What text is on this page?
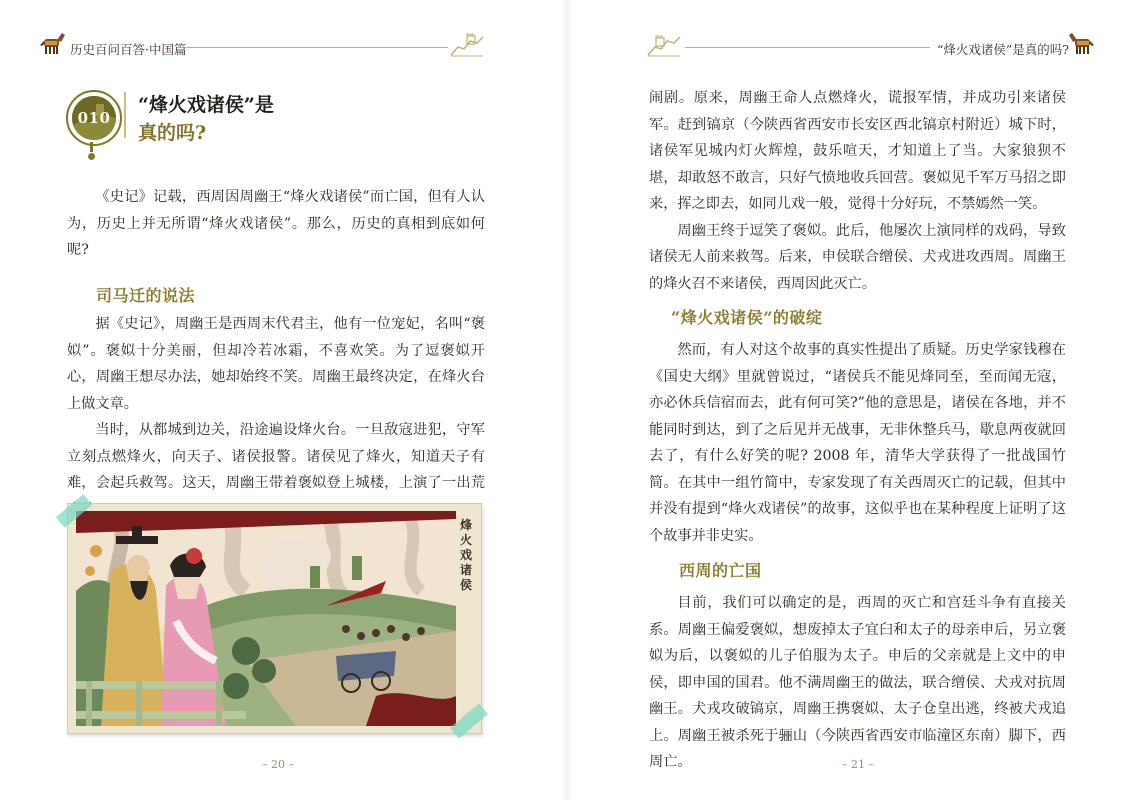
历史百问百答·中国篇
010
“烽火戏诸侯”是
真的吗?

《史记》记载，西周因周幽王“烽火戏诸侯”而亡国，但有人认为，历史上并无所谓“烽火戏诸侯”。那么，历史的真相到底如何呢?

司马迁的说法

据《史记》，周幽王是西周末代君主，他有一位宠妃，名叫“褒姒”。褒姒十分美丽，但却冷若冰霜，不喜欢笑。为了逗褒姒开心，周幽王想尽办法，她却始终不笑。周幽王最终决定，在烽火台上做文章。

当时，从都城到边关，沿途遍设烽火台。一旦敌寇进犯，守军立刻点燃烽火，向天子、诸侯报警。诸侯见了烽火，知道天子有难，会起兵救驾。这天，周幽王带着褒姒登上城楼，上演了一出荒

烽火戏诸侯
– 20 –
“烽火戏诸侯”是真的吗?

闹剧。原来，周幽王命人点燃烽火，谎报军情，并成功引来诸侯军。赶到镐京（今陕西省西安市长安区西北镐京村附近）城下时，诸侯军见城内灯火辉煌，鼓乐喧天，才知道上了当。大家狼狈不堪，却敢怒不敢言，只好气愤地收兵回营。褒姒见千军万马招之即来，挥之即去，如同儿戏一般，觉得十分好玩，不禁嫣然一笑。

周幽王终于逗笑了褒姒。此后，他屡次上演同样的戏码，导致诸侯无人前来救驾。后来，申侯联合缯侯、犬戎进攻西周。周幽王的烽火召不来诸侯，西周因此灭亡。

“烽火戏诸侯”的破绽

然而，有人对这个故事的真实性提出了质疑。历史学家钱穆在《国史大纲》里就曾说过，“诸侯兵不能见烽同至，至而闻无寇，亦必休兵信宿而去，此有何可笑?”他的意思是，诸侯在各地，并不能同时到达，到了之后见并无战事，无非休整兵马，歇息两夜就回去了，有什么好笑的呢? 2008 年，清华大学获得了一批战国竹简。在其中一组竹简中，专家发现了有关西周灭亡的记载，但其中并没有提到“烽火戏诸侯”的故事，这似乎也在某种程度上证明了这个故事并非史实。

西周的亡国

目前，我们可以确定的是，西周的灭亡和宫廷斗争有直接关系。周幽王偏爱褒姒，想废掉太子宜臼和太子的母亲申后，另立褒姒为后，以褒姒的儿子伯服为太子。申后的父亲就是上文中的申侯，即申国的国君。他不满周幽王的做法，联合缯侯、犬戎对抗周幽王。犬戎攻破镐京，周幽王携褒姒、太子仓皇出逃，终被犬戎追上。周幽王被杀死于骊山（今陕西省西安市临潼区东南）脚下，西周亡。	– 21 –
